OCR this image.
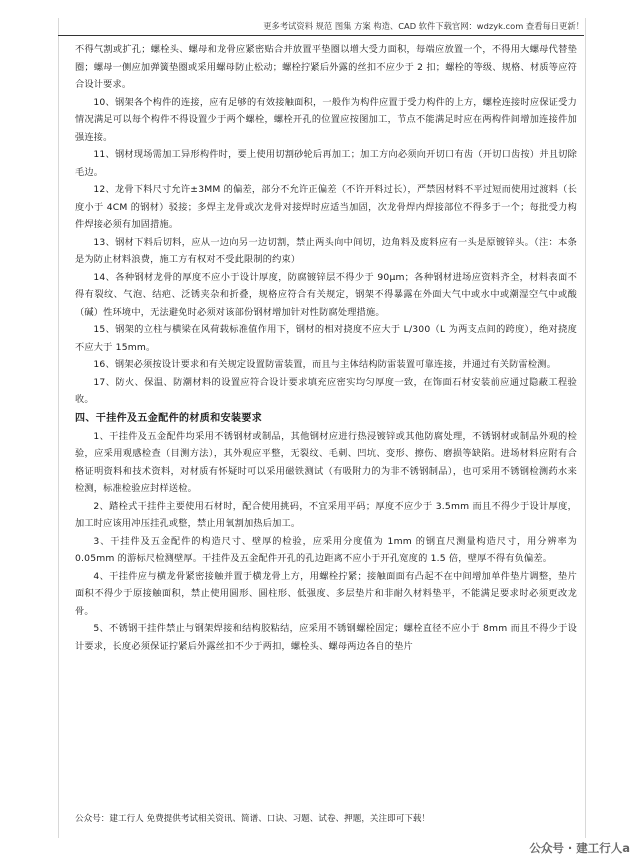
更多考试资料 规范 图集 方案 构造、CAD 软件下载官网：wdzyk.com 查看每日更新！

不得气割或扩孔；螺栓头、螺母和龙骨应紧密贴合并放置平垫圈以增大受力面积，每端应放置一个，不得用大螺母代替垫圈；螺母一侧应加弹簧垫圈或采用螺母防止松动；螺栓拧紧后外露的丝扣不应少于 2 扣；螺栓的等级、规格、材质等应符合设计要求。

10、钢架各个构件的连接，应有足够的有效接触面积，一般作为构件应置于受力构件的上方，螺栓连接时应保证受力情况满足可以每个构件不得设置少于两个螺栓，螺栓开孔的位置应按图加工，节点不能满足时应在两构件间增加连接件加强连接。

11、钢材现场需加工异形构件时，要上使用切割砂轮后再加工；加工方向必须向开切口有齿（开切口齿按）并且切除毛边。

12、龙骨下料尺寸允许±3MM 的偏差，部分不允许正偏差（不许开料过长），严禁因材料不平过短而使用过渡料（长度小于 4CM 的钢材）驳接；多焊主龙骨或次龙骨对接焊时应适当加固，次龙骨焊内焊接部位不得多于一个；每批受力构件焊接必须有加固措施。

13、钢材下料后切料，应从一边向另一边切割，禁止两头向中间切，边角料及废料应有一头是原镀锌头。（注：本条是为防止材料浪费，施工方有权对不受此限制的约束）

14、各种钢材龙骨的厚度不应小于设计厚度，防腐镀锌层不得少于 90μm；各种钢材进场应资料齐全，材料表面不得有裂纹、气泡、结疤、泛锈夹杂和折叠，规格应符合有关规定，钢架不得暴露在外面大气中或水中或潮湿空气中或酸（碱）性环境中，无法避免时必须对该部份钢材增加针对性防腐处理措施。

15、钢架的立柱与横梁在风荷载标准值作用下，钢材的相对挠度不应大于 L/300（L 为两支点间的跨度），绝对挠度不应大于 15mm。

16、钢架必须按设计要求和有关规定设置防雷装置，而且与主体结构防雷装置可靠连接，并通过有关防雷检测。

17、防火、保温、防潮材料的设置应符合设计要求填充应密实均匀厚度一致，在饰面石材安装前应通过隐蔽工程验收。

四、干挂件及五金配件的材质和安装要求

1、干挂件及五金配件均采用不锈钢材或制品，其他钢材应进行热浸镀锌或其他防腐处理，不锈钢材或制品外观的检验，应采用观感检查（目测方法），其外观应平整，无裂纹、毛刺、凹坑、变形、擦伤、磨损等缺陷。进场材料应附有合格证明资料和技术资料，对材质有怀疑时可以采用磁铁测试（有吸附力的为非不锈钢制品），也可采用不锈钢检测药水来检测，标准检验应封样送检。

2、踏栓式干挂件主要使用石材时，配合使用挑码，不宜采用平码；厚度不应少于 3.5mm 而且不得少于设计厚度，加工时应该用冲压挂孔或整，禁止用氧割加热后加工。

3、干挂件及五金配件的构造尺寸、壁厚的检验，应采用分度值为 1mm 的钢直尺测量构造尺寸，用分辨率为 0.05mm 的游标尺检测壁厚。干挂件及五金配件开孔的孔边距离不应小于开孔宽度的 1.5 倍，壁厚不得有负偏差。

4、干挂件应与横龙骨紧密接触并置于横龙骨上方，用螺栓拧紧；接触面面有凸起不在中间增加单件垫片调整，垫片面积不得少于原接触面积，禁止使用圆形、圆柱形、低强度、多层垫片和非耐久材料垫平，不能满足要求时必须更改龙骨。

5、不锈钢干挂件禁止与钢架焊接和结构胶粘结，应采用不锈钢螺栓固定；螺栓直径不应小于 8mm 而且不得少于设计要求，长度必须保证拧紧后外露丝扣不少于两扣，螺栓头、螺母两边各自的垫片

公众号：建工行人 免费提供考试相关资讯、简谱、口诀、习题、试卷、押题，关注即可下载！
公众号 · 建工行人a
